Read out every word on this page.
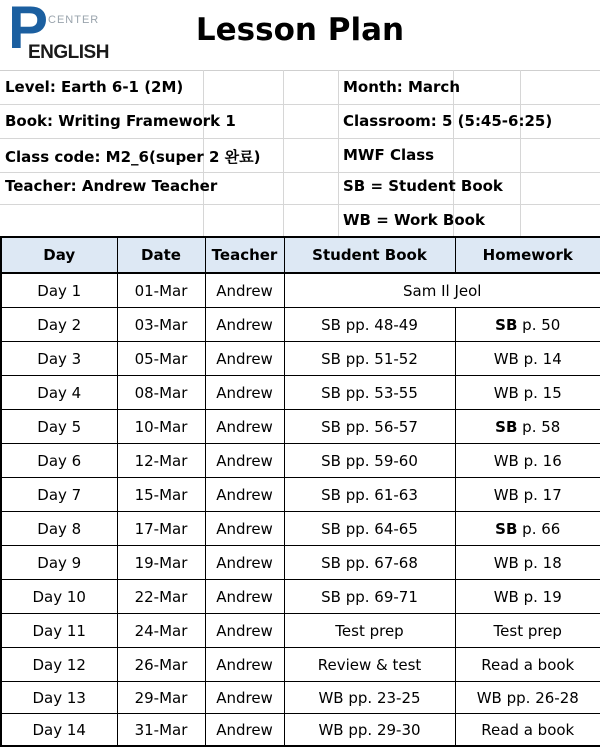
P CENTER
ENGLISH
Lesson Plan
Level: Earth 6-1 (2M)	Month: March
Book: Writing Framework 1	Classroom: 5 (5:45-6:25)
Class code: M2_6(super 2 완료)	MWF Class
Teacher: Andrew Teacher	SB = Student Book
WB = Work Book
Day	Date	Teacher	Student Book	Homework
Day 1	01-Mar	Andrew	Sam Il Jeol	
Day 2	03-Mar	Andrew	SB pp. 48-49	SB p. 50
Day 3	05-Mar	Andrew	SB pp. 51-52	WB p. 14
Day 4	08-Mar	Andrew	SB pp. 53-55	WB p. 15
Day 5	10-Mar	Andrew	SB pp. 56-57	SB p. 58
Day 6	12-Mar	Andrew	SB pp. 59-60	WB p. 16
Day 7	15-Mar	Andrew	SB pp. 61-63	WB p. 17
Day 8	17-Mar	Andrew	SB pp. 64-65	SB p. 66
Day 9	19-Mar	Andrew	SB pp. 67-68	WB p. 18
Day 10	22-Mar	Andrew	SB pp. 69-71	WB p. 19
Day 11	24-Mar	Andrew	Test prep	Test prep
Day 12	26-Mar	Andrew	Review & test	Read a book
Day 13	29-Mar	Andrew	WB pp. 23-25	WB pp. 26-28
Day 14	31-Mar	Andrew	WB pp. 29-30	Read a book
